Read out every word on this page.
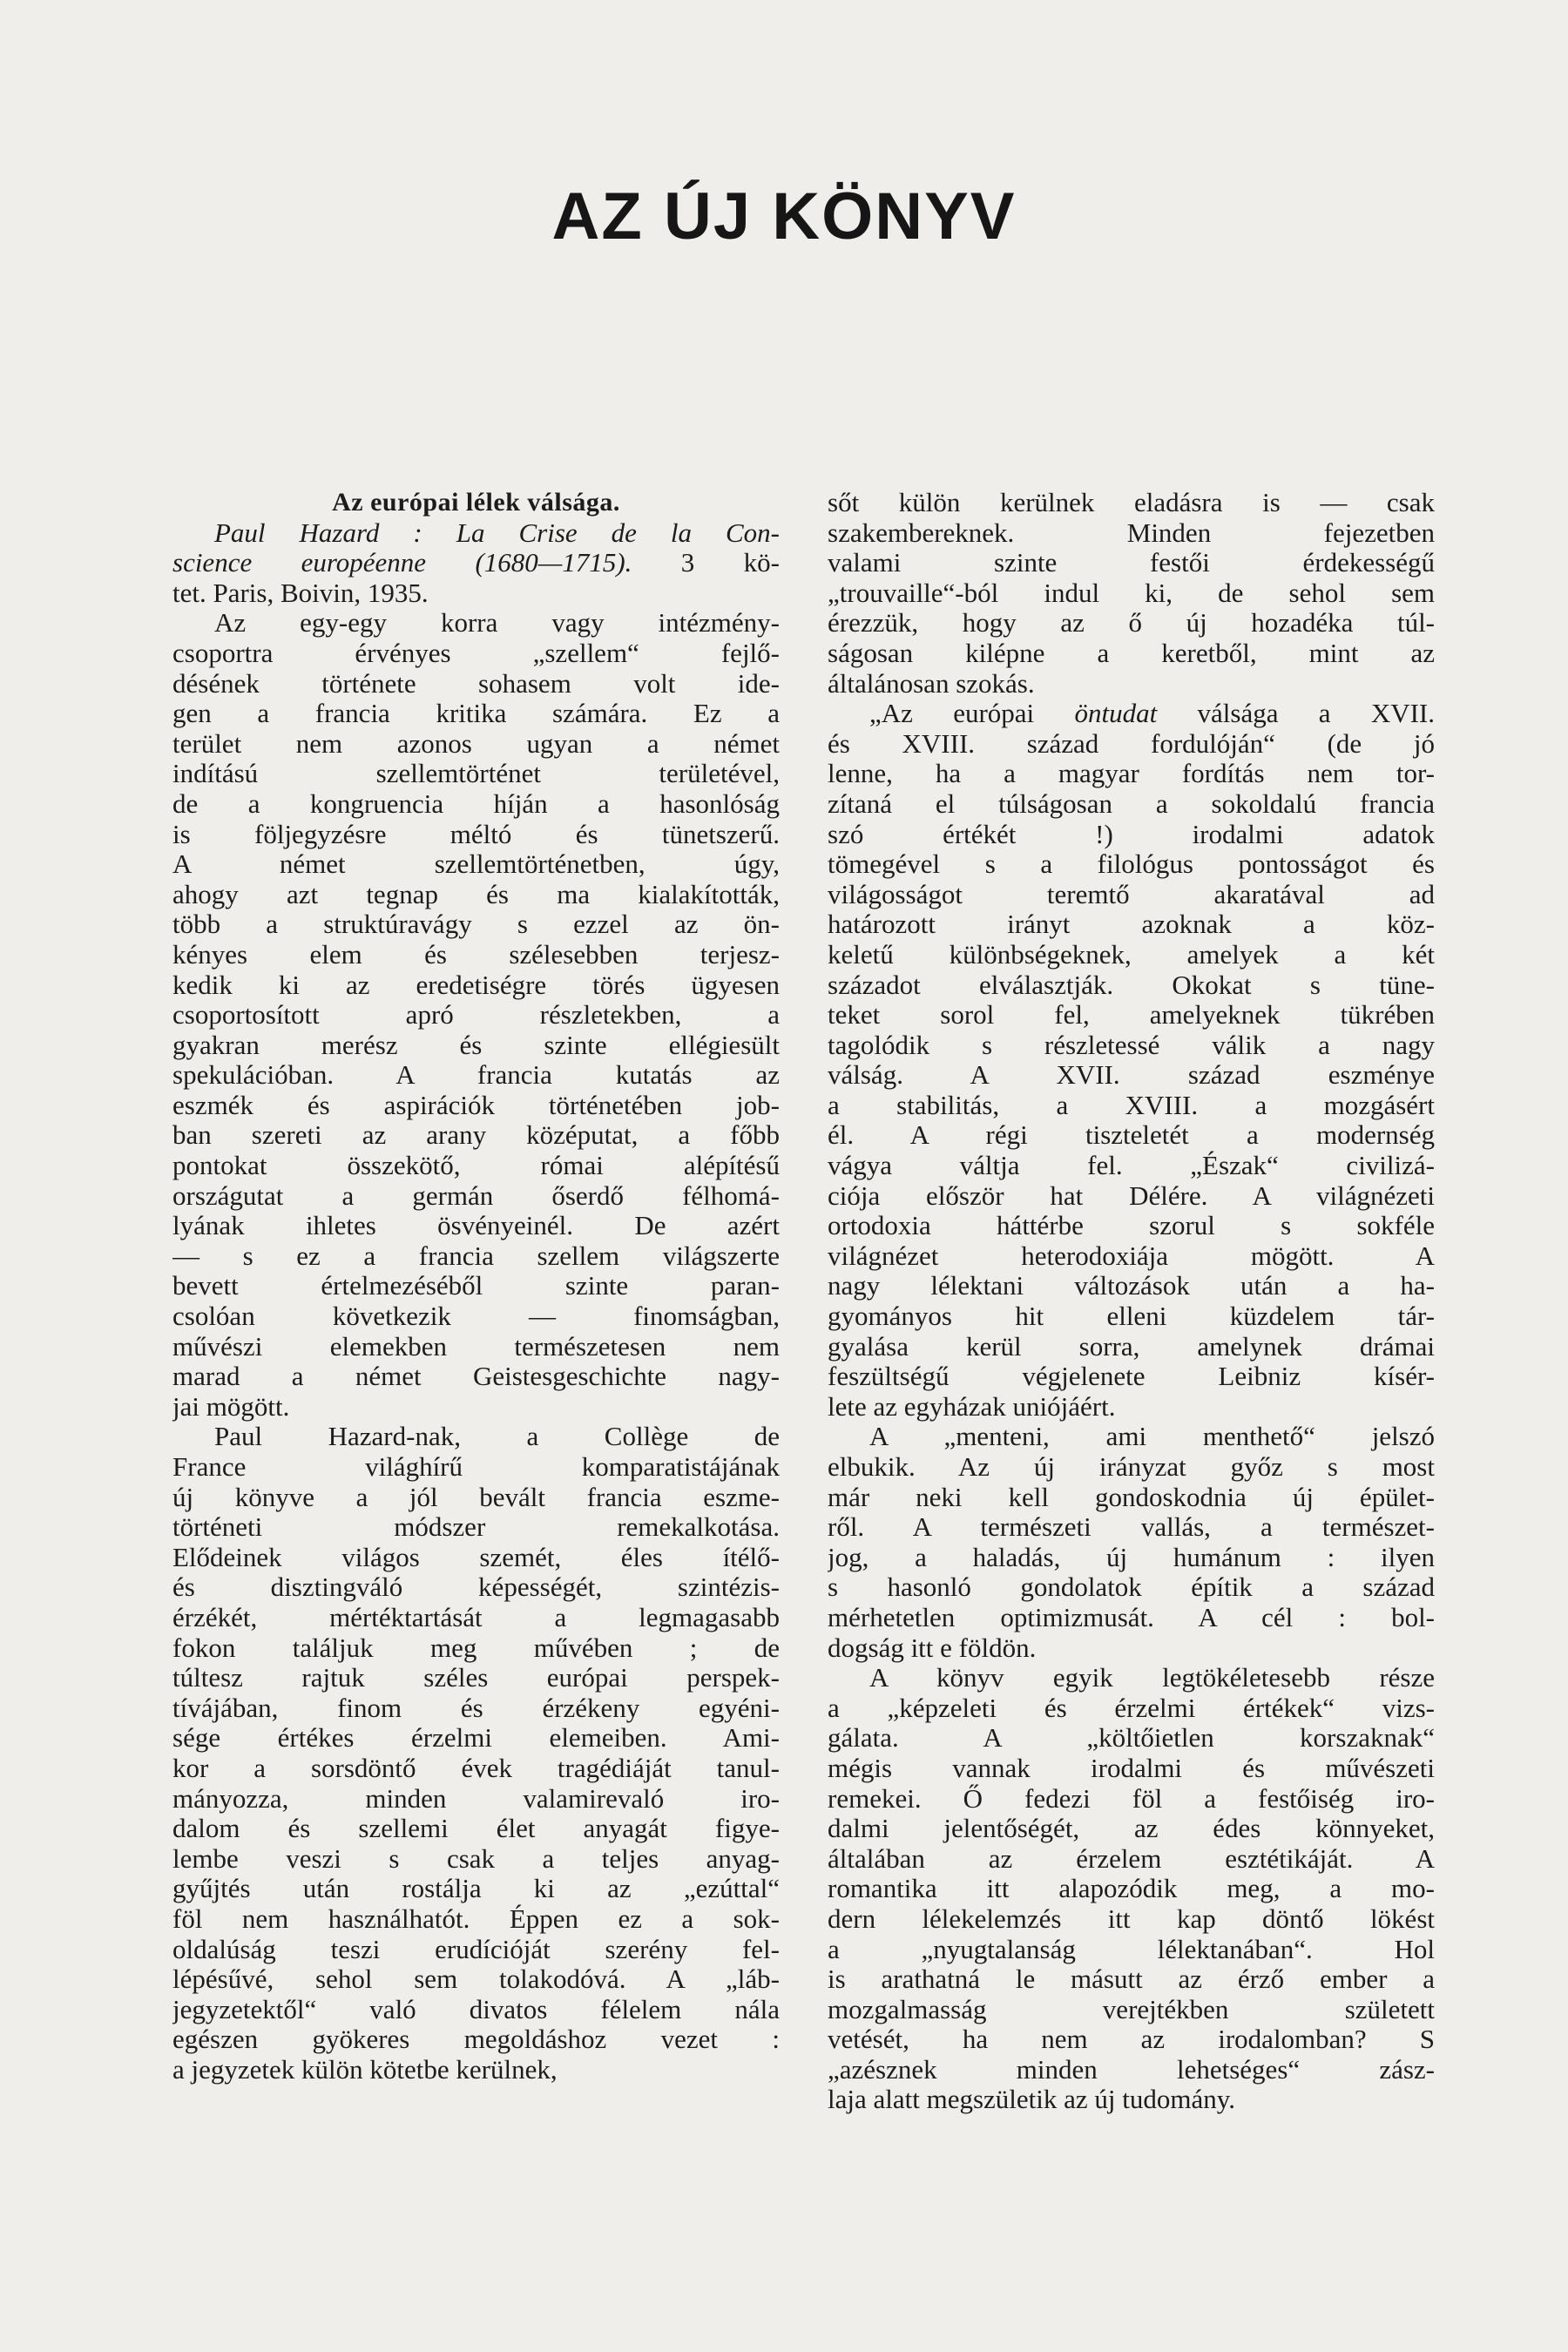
AZ ÚJ KÖNYV
Az európai lélek válsága.
Paul Hazard : La Crise de la Con-
science européenne (1680—1715). 3 kö-
tet. Paris, Boivin, 1935.
Az egy-egy korra vagy intézmény-
csoportra érvényes „szellem“ fejlő-
désének története sohasem volt ide-
gen a francia kritika számára. Ez a
terület nem azonos ugyan a német
indítású szellemtörténet területével,
de a kongruencia híján a hasonlóság
is följegyzésre méltó és tünetszerű.
A német szellemtörténetben, úgy,
ahogy azt tegnap és ma kialakították,
több a struktúravágy s ezzel az ön-
kényes elem és szélesebben terjesz-
kedik ki az eredetiségre törés ügyesen
csoportosított apró részletekben, a
gyakran merész és szinte ellégiesült
spekulációban. A francia kutatás az
eszmék és aspirációk történetében job-
ban szereti az arany középutat, a főbb
pontokat összekötő, római alépítésű
országutat a germán őserdő félhomá-
lyának ihletes ösvényeinél. De azért
— s ez a francia szellem világszerte
bevett értelmezéséből szinte paran-
csolóan következik — finomságban,
művészi elemekben természetesen nem
marad a német Geistesgeschichte nagy-
jai mögött.
Paul Hazard-nak, a Collège de
France világhírű komparatistájának
új könyve a jól bevált francia eszme-
történeti módszer remekalkotása.
Elődeinek világos szemét, éles ítélő-
és disztingváló képességét, szintézis-
érzékét, mértéktartását a legmagasabb
fokon találjuk meg művében ; de
túltesz rajtuk széles európai perspek-
tívájában, finom és érzékeny egyéni-
sége értékes érzelmi elemeiben. Ami-
kor a sorsdöntő évek tragédiáját tanul-
mányozza, minden valamirevaló iro-
dalom és szellemi élet anyagát figye-
lembe veszi s csak a teljes anyag-
gyűjtés után rostálja ki az „ezúttal“
föl nem használhatót. Éppen ez a sok-
oldalúság teszi erudícióját szerény fel-
lépésűvé, sehol sem tolakodóvá. A „láb-
jegyzetektől“ való divatos félelem nála
egészen gyökeres megoldáshoz vezet :
a jegyzetek külön kötetbe kerülnek,
sőt külön kerülnek eladásra is — csak
szakembereknek. Minden fejezetben
valami szinte festői érdekességű
„trouvaille“-ból indul ki, de sehol sem
érezzük, hogy az ő új hozadéka túl-
ságosan kilépne a keretből, mint az
általánosan szokás.
„Az európai öntudat válsága a XVII.
és XVIII. század fordulóján“ (de jó
lenne, ha a magyar fordítás nem tor-
zítaná el túlságosan a sokoldalú francia
szó értékét !) irodalmi adatok
tömegével s a filológus pontosságot és
világosságot teremtő akaratával ad
határozott irányt azoknak a köz-
keletű különbségeknek, amelyek a két
századot elválasztják. Okokat s tüne-
teket sorol fel, amelyeknek tükrében
tagolódik s részletessé válik a nagy
válság. A XVII. század eszménye
a stabilitás, a XVIII. a mozgásért
él. A régi tiszteletét a modernség
vágya váltja fel. „Észak“ civilizá-
ciója először hat Délére. A világnézeti
ortodoxia háttérbe szorul s sokféle
világnézet heterodoxiája mögött. A
nagy lélektani változások után a ha-
gyományos hit elleni küzdelem tár-
gyalása kerül sorra, amelynek drámai
feszültségű végjelenete Leibniz kísér-
lete az egyházak uniójáért.
A „menteni, ami menthető“ jelszó
elbukik. Az új irányzat győz s most
már neki kell gondoskodnia új épület-
ről. A természeti vallás, a természet-
jog, a haladás, új humánum : ilyen
s hasonló gondolatok építik a század
mérhetetlen optimizmusát. A cél : bol-
dogság itt e földön.
A könyv egyik legtökéletesebb része
a „képzeleti és érzelmi értékek“ vizs-
gálata. A „költőietlen korszaknak“
mégis vannak irodalmi és művészeti
remekei. Ő fedezi föl a festőiség iro-
dalmi jelentőségét, az édes könnyeket,
általában az érzelem esztétikáját. A
romantika itt alapozódik meg, a mo-
dern lélekelemzés itt kap döntő lökést
a „nyugtalanság lélektanában“. Hol
is arathatná le másutt az érző ember a
mozgalmasság verejtékben született
vetését, ha nem az irodalomban? S
„azésznek minden lehetséges“ zász-
laja alatt megszületik az új tudomány.
